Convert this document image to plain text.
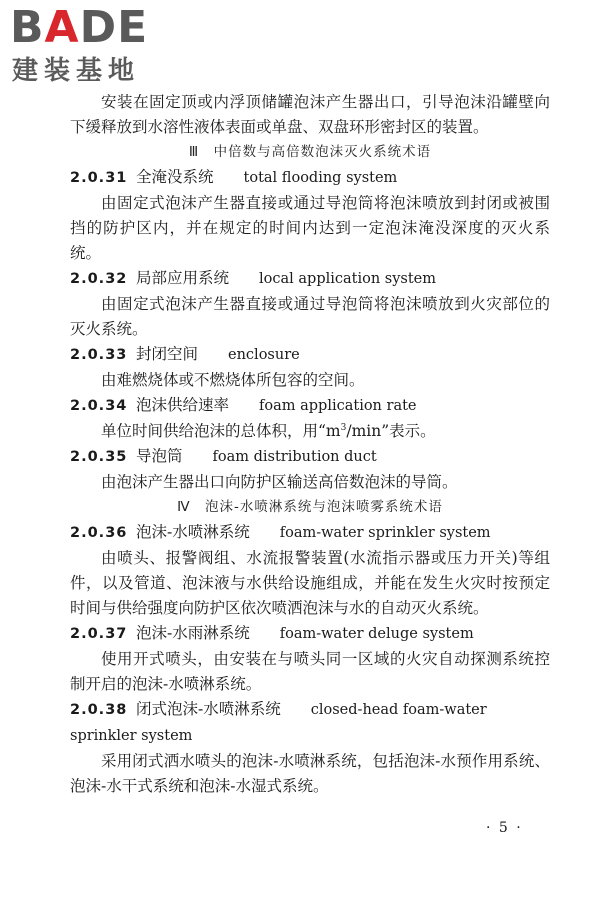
BADE
建装基地

安装在固定顶或内浮顶储罐泡沫产生器出口，引导泡沫沿罐壁向下缓释放到水溶性液体表面或单盘、双盘环形密封区的装置。

Ⅲ　中倍数与高倍数泡沫灭火系统术语

2.0.31 全淹没系统 total flooding system

由固定式泡沫产生器直接或通过导泡筒将泡沫喷放到封闭或被围挡的防护区内，并在规定的时间内达到一定泡沫淹没深度的灭火系统。

2.0.32 局部应用系统 local application system

由固定式泡沫产生器直接或通过导泡筒将泡沫喷放到火灾部位的灭火系统。

2.0.33 封闭空间 enclosure

由难燃烧体或不燃烧体所包容的空间。

2.0.34 泡沫供给速率 foam application rate

单位时间供给泡沫的总体积，用“$m^3/\min$”表示。

2.0.35 导泡筒 foam distribution duct

由泡沫产生器出口向防护区输送高倍数泡沫的导筒。

Ⅳ　泡沫-水喷淋系统与泡沫喷雾系统术语

2.0.36 泡沫-水喷淋系统 foam-water sprinkler system

由喷头、报警阀组、水流报警装置(水流指示器或压力开关)等组件，以及管道、泡沫液与水供给设施组成，并能在发生火灾时按预定时间与供给强度向防护区依次喷洒泡沫与水的自动灭火系统。

2.0.37 泡沫-水雨淋系统 foam-water deluge system

使用开式喷头，由安装在与喷头同一区域的火灾自动探测系统控制开启的泡沫-水喷淋系统。

2.0.38 闭式泡沫-水喷淋系统 closed-head foam-water sprinkler system

采用闭式洒水喷头的泡沫-水喷淋系统，包括泡沫-水预作用系统、泡沫-水干式系统和泡沫-水湿式系统。

· 5 ·
